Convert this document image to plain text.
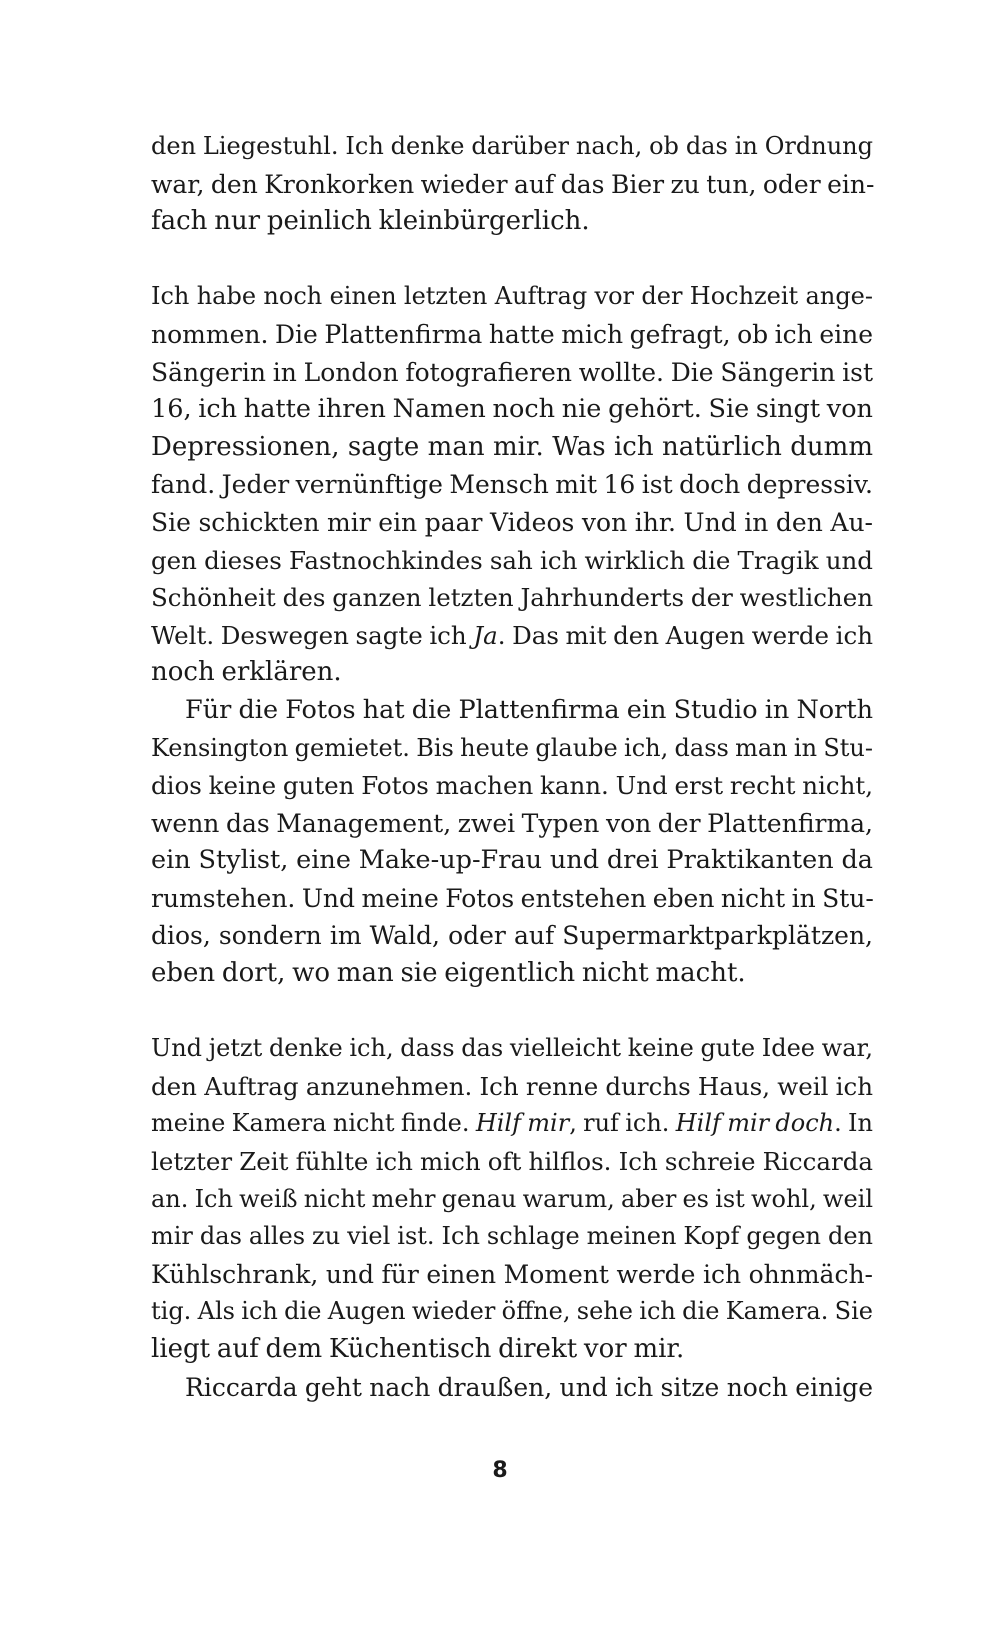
den Liegestuhl. Ich denke darüber nach, ob das in Ordnung
war, den Kronkorken wieder auf das Bier zu tun, oder ein-
fach nur peinlich kleinbürgerlich.
Ich habe noch einen letzten Auftrag vor der Hochzeit ange-
nommen. Die Plattenfirma hatte mich gefragt, ob ich eine
Sängerin in London fotografieren wollte. Die Sängerin ist
16, ich hatte ihren Namen noch nie gehört. Sie singt von
Depressionen, sagte man mir. Was ich natürlich dumm
fand. Jeder vernünftige Mensch mit 16 ist doch depressiv.
Sie schickten mir ein paar Videos von ihr. Und in den Au-
gen dieses Fastnochkindes sah ich wirklich die Tragik und
Schönheit des ganzen letzten Jahrhunderts der westlichen
Welt. Deswegen sagte ich Ja. Das mit den Augen werde ich
noch erklären.
Für die Fotos hat die Plattenfirma ein Studio in North
Kensington gemietet. Bis heute glaube ich, dass man in Stu-
dios keine guten Fotos machen kann. Und erst recht nicht,
wenn das Management, zwei Typen von der Plattenfirma,
ein Stylist, eine Make-up-Frau und drei Praktikanten da
rumstehen. Und meine Fotos entstehen eben nicht in Stu-
dios, sondern im Wald, oder auf Supermarktparkplätzen,
eben dort, wo man sie eigentlich nicht macht.
Und jetzt denke ich, dass das vielleicht keine gute Idee war,
den Auftrag anzunehmen. Ich renne durchs Haus, weil ich
meine Kamera nicht finde. Hilf mir, ruf ich. Hilf mir doch. In
letzter Zeit fühlte ich mich oft hilflos. Ich schreie Riccarda
an. Ich weiß nicht mehr genau warum, aber es ist wohl, weil
mir das alles zu viel ist. Ich schlage meinen Kopf gegen den
Kühlschrank, und für einen Moment werde ich ohnmäch-
tig. Als ich die Augen wieder öffne, sehe ich die Kamera. Sie
liegt auf dem Küchentisch direkt vor mir.
Riccarda geht nach draußen, und ich sitze noch einige
8
